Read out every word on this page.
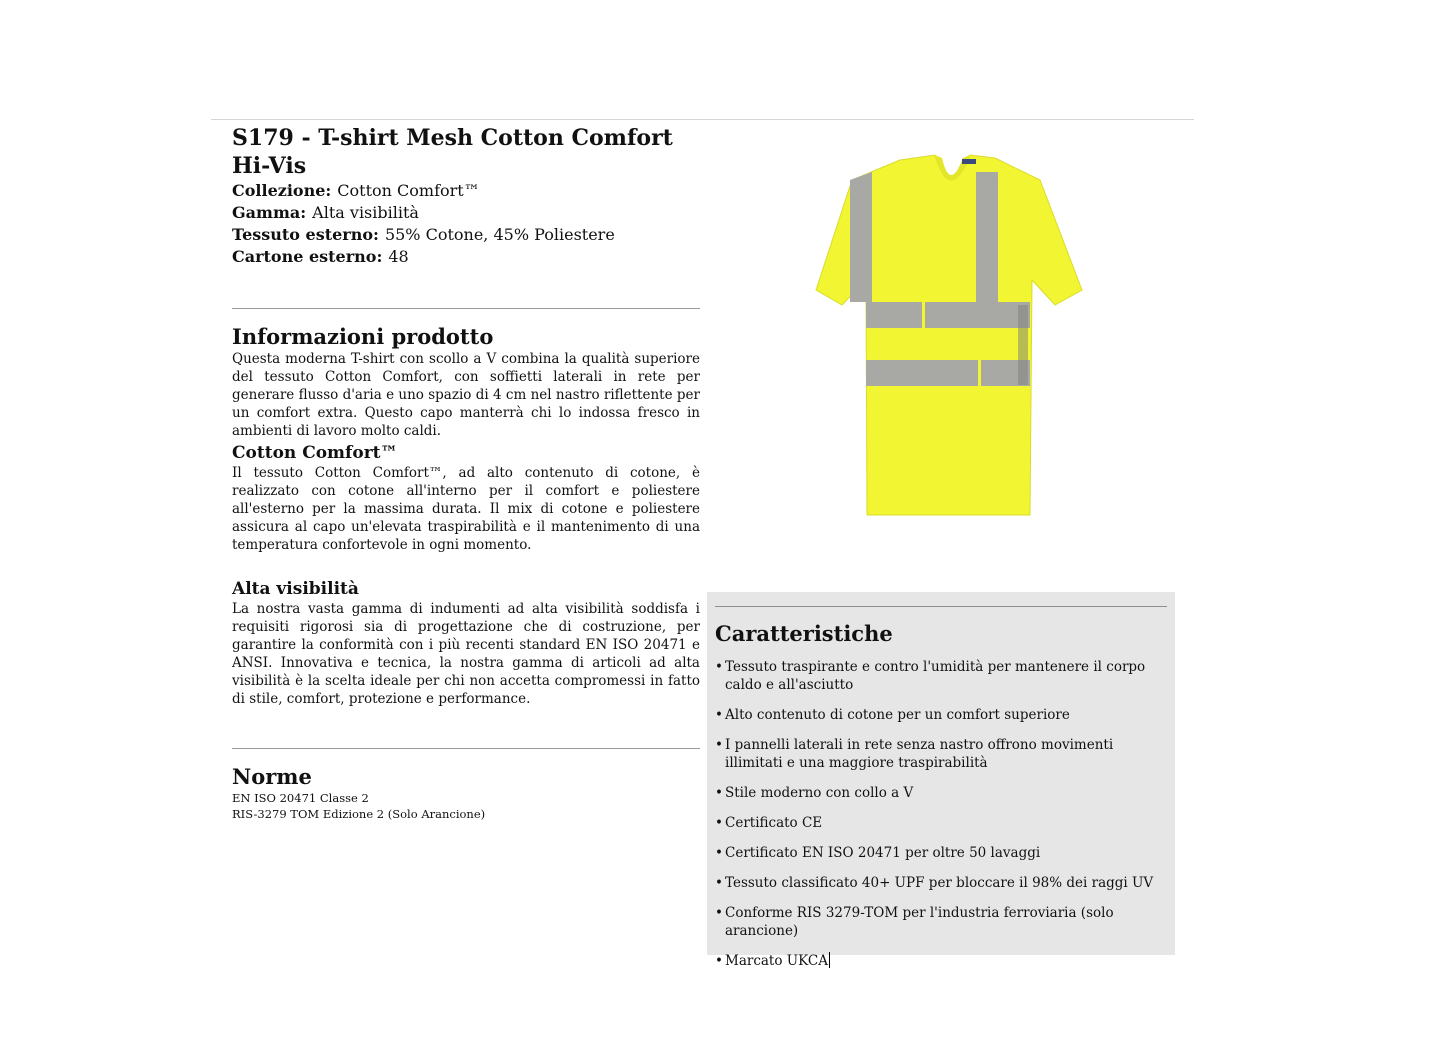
S179 - T-shirt Mesh Cotton Comfort Hi-Vis
Collezione: Cotton Comfort™
Gamma: Alta visibilità
Tessuto esterno: 55% Cotone, 45% Poliestere
Cartone esterno: 48
Informazioni prodotto

Questa moderna T-shirt con scollo a V combina la qualità superiore del tessuto Cotton Comfort, con soffietti laterali in rete per generare flusso d'aria e uno spazio di 4 cm nel nastro riflettente per un comfort extra. Questo capo manterrà chi lo indossa fresco in ambienti di lavoro molto caldi.

Cotton Comfort™

Il tessuto Cotton Comfort™, ad alto contenuto di cotone, è realizzato con cotone all'interno per il comfort e poliestere all'esterno per la massima durata. Il mix di cotone e poliestere assicura al capo un'elevata traspirabilità e il mantenimento di una temperatura confortevole in ogni momento.

Alta visibilità

La nostra vasta gamma di indumenti ad alta visibilità soddisfa i requisiti rigorosi sia di progettazione che di costruzione, per garantire la conformità con i più recenti standard EN ISO 20471 e ANSI. Innovativa e tecnica, la nostra gamma di articoli ad alta visibilità è la scelta ideale per chi non accetta compromessi in fatto di stile, comfort, protezione e performance.

Norme
EN ISO 20471 Classe 2
RIS-3279 TOM Edizione 2 (Solo Arancione)
Caratteristiche
• Tessuto traspirante e contro l'umidità per mantenere il corpo caldo e all'asciutto
• Alto contenuto di cotone per un comfort superiore
• I pannelli laterali in rete senza nastro offrono movimenti illimitati e una maggiore traspirabilità
• Stile moderno con collo a V
• Certificato CE
• Certificato EN ISO 20471 per oltre 50 lavaggi
• Tessuto classificato 40+ UPF per bloccare il 98% dei raggi UV
• Conforme RIS 3279-TOM per l'industria ferroviaria (solo arancione)
• Marcato UKCA
